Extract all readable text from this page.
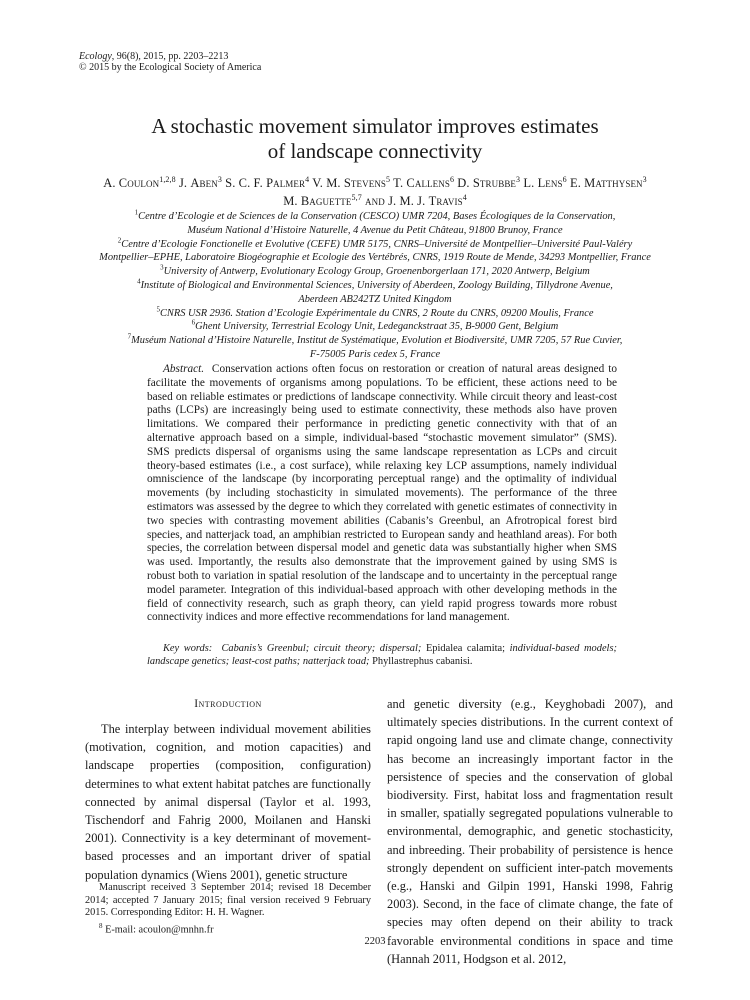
Ecology, 96(8), 2015, pp. 2203–2213
© 2015 by the Ecological Society of America
A stochastic movement simulator improves estimates
of landscape connectivity
A. Coulon$^{1,2,8}$ J. Aben$^3$ S. C. F. Palmer$^4$ V. M. Stevens$^5$ T. Callens$^6$ D. Strubbe$^3$ L. Lens$^6$ E. Matthysen$^3$
M. Baguette$^{5,7}$ and J. M. J. Travis$^4$
$^1$Centre d’Ecologie et de Sciences de la Conservation (CESCO) UMR 7204, Bases Écologiques de la Conservation,
Muséum National d’Histoire Naturelle, 4 Avenue du Petit Château, 91800 Brunoy, France
$^2$Centre d’Ecologie Fonctionelle et Evolutive (CEFE) UMR 5175, CNRS–Université de Montpellier–Université Paul-Valéry
Montpellier–EPHE, Laboratoire Biogéographie et Ecologie des Vertébrés, CNRS, 1919 Route de Mende, 34293 Montpellier, France
$^3$University of Antwerp, Evolutionary Ecology Group, Groenenborgerlaan 171, 2020 Antwerp, Belgium
$^4$Institute of Biological and Environmental Sciences, University of Aberdeen, Zoology Building, Tillydrone Avenue,
Aberdeen AB242TZ United Kingdom
$^5$CNRS USR 2936. Station d’Ecologie Expérimentale du CNRS, 2 Route du CNRS, 09200 Moulis, France
$^6$Ghent University, Terrestrial Ecology Unit, Ledeganckstraat 35, B-9000 Gent, Belgium
$^7$Muséum National d’Histoire Naturelle, Institut de Systématique, Evolution et Biodiversité, UMR 7205, 57 Rue Cuvier,
F-75005 Paris cedex 5, France

Abstract. Conservation actions often focus on restoration or creation of natural areas designed to facilitate the movements of organisms among populations. To be efficient, these actions need to be based on reliable estimates or predictions of landscape connectivity. While circuit theory and least-cost paths (LCPs) are increasingly being used to estimate connectivity, these methods also have proven limitations. We compared their performance in predicting genetic connectivity with that of an alternative approach based on a simple, individual-based “stochastic movement simulator” (SMS). SMS predicts dispersal of organisms using the same landscape representation as LCPs and circuit theory-based estimates (i.e., a cost surface), while relaxing key LCP assumptions, namely individual omniscience of the landscape (by incorporating perceptual range) and the optimality of individual movements (by including stochasticity in simulated movements). The performance of the three estimators was assessed by the degree to which they correlated with genetic estimates of connectivity in two species with contrasting movement abilities (Cabanis’s Greenbul, an Afrotropical forest bird species, and natterjack toad, an amphibian restricted to European sandy and heathland areas). For both species, the correlation between dispersal model and genetic data was substantially higher when SMS was used. Importantly, the results also demonstrate that the improvement gained by using SMS is robust both to variation in spatial resolution of the landscape and to uncertainty in the perceptual range model parameter. Integration of this individual-based approach with other developing methods in the field of connectivity research, such as graph theory, can yield rapid progress towards more robust connectivity indices and more effective recommendations for land management.

Key words: Cabanis’s Greenbul; circuit theory; dispersal; Epidalea calamita; individual-based models; landscape genetics; least-cost paths; natterjack toad; Phyllastrephus cabanisi.

Introduction

The interplay between individual movement abilities (motivation, cognition, and motion capacities) and landscape properties (composition, configuration) determines to what extent habitat patches are functionally connected by animal dispersal (Taylor et al. 1993, Tischendorf and Fahrig 2000, Moilanen and Hanski 2001). Connectivity is a key determinant of movement-based processes and an important driver of spatial population dynamics (Wiens 2001), genetic structure

and genetic diversity (e.g., Keyghobadi 2007), and ultimately species distributions. In the current context of rapid ongoing land use and climate change, connectivity has become an increasingly important factor in the persistence of species and the conservation of global biodiversity. First, habitat loss and fragmentation result in smaller, spatially segregated populations vulnerable to environmental, demographic, and genetic stochasticity, and inbreeding. Their probability of persistence is hence strongly dependent on sufficient inter-patch movements (e.g., Hanski and Gilpin 1991, Hanski 1998, Fahrig 2003). Second, in the face of climate change, the fate of species may often depend on their ability to track favorable environmental conditions in space and time (Hannah 2011, Hodgson et al. 2012,

Manuscript received 3 September 2014; revised 18 December 2014; accepted 7 January 2015; final version received 9 February 2015. Corresponding Editor: H. H. Wagner.

$^8$ E-mail: acoulon@mnhn.fr

2203
